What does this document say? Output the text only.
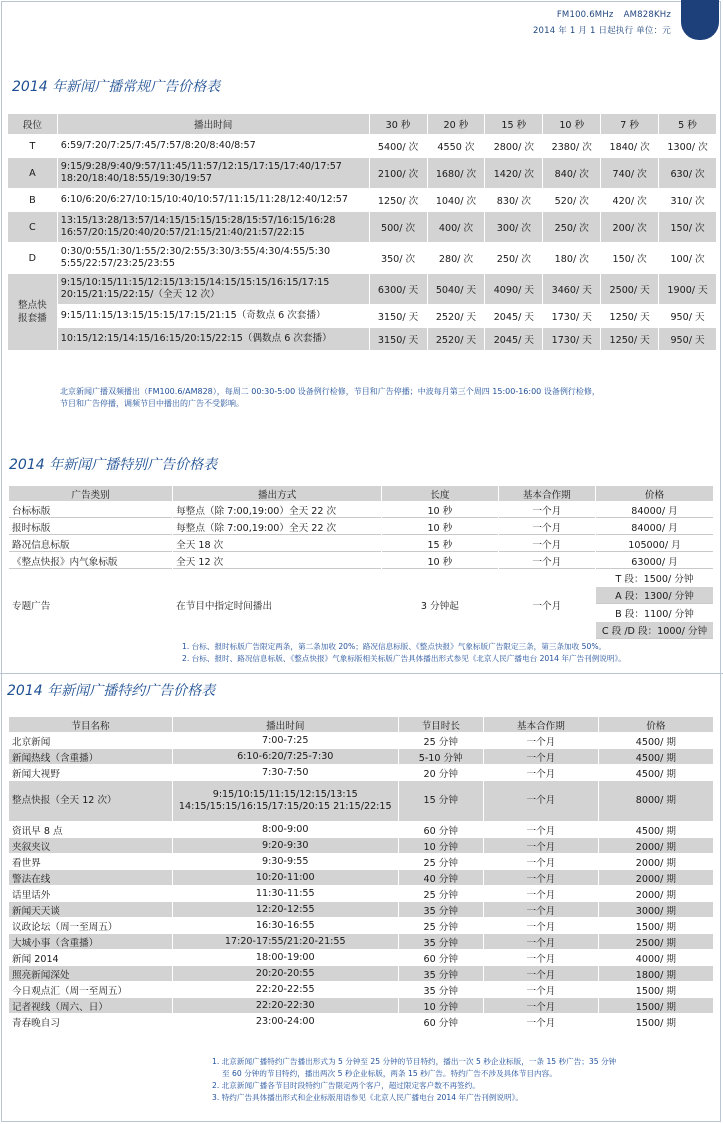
FM100.6MHz AM828KHz
2014 年 1 月 1 日起执行 单位：元
2014 年新闻广播常规广告价格表
段位	播出时间	30 秒	20 秒	15 秒	10 秒	7 秒	5 秒
T	6:59/7:20/7:25/7:45/7:57/8:20/8:40/8:57	5400/ 次	4550 次	2800/ 次	2380/ 次	1840/ 次	1300/ 次
A	9:15/9:28/9:40/9:57/11:45/11:57/12:15/17:15/17:40/17:57 18:20/18:40/18:55/19:30/19:57	2100/ 次	1680/ 次	1420/ 次	840/ 次	740/ 次	630/ 次
B	6:10/6:20/6:27/10:15/10:40/10:57/11:15/11:28/12:40/12:57	1250/ 次	1040/ 次	830/ 次	520/ 次	420/ 次	310/ 次
C	13:15/13:28/13:57/14:15/15:15/15:28/15:57/16:15/16:28 16:57/20:15/20:40/20:57/21:15/21:40/21:57/22:15	500/ 次	400/ 次	300/ 次	250/ 次	200/ 次	150/ 次
D	0:30/0:55/1:30/1:55/2:30/2:55/3:30/3:55/4:30/4:55/5:30 5:55/22:57/23:25/23:55	350/ 次	280/ 次	250/ 次	180/ 次	150/ 次	100/ 次
整点快报套播	9:15/10:15/11:15/12:15/13:15/14:15/15:15/16:15/17:15 20:15/21:15/22:15/（全天 12 次）	6300/ 天	5040/ 天	4090/ 天	3460/ 天	2500/ 天	1900/ 天
	9:15/11:15/13:15/15:15/17:15/21:15（奇数点 6 次套播）	3150/ 天	2520/ 天	2045/ 天	1730/ 天	1250/ 天	950/ 天
	10:15/12:15/14:15/16:15/20:15/22:15（偶数点 6 次套播）	3150/ 天	2520/ 天	2045/ 天	1730/ 天	1250/ 天	950/ 天
北京新闻广播双频播出（FM100.6/AM828），每周二 00:30-5:00 设备例行检修，节目和广告停播；中波每月第三个周四 15:00-16:00 设备例行检修，
节目和广告停播，调频节目中播出的广告不受影响。
2014 年新闻广播特别广告价格表
广告类别	播出方式	长度	基本合作期	价格
台标标版	每整点（除 7:00,19:00）全天 22 次	10 秒	一个月	84000/ 月
报时标版	每整点（除 7:00,19:00）全天 22 次	10 秒	一个月	84000/ 月
路况信息标版	全天 18 次	15 秒	一个月	105000/ 月
《整点快报》内气象标版	全天 12 次	10 秒	一个月	63000/ 月
专题广告	在节目中指定时间播出	3 分钟起	一个月	T 段：1500/ 分钟
				A 段：1300/ 分钟
				B 段：1100/ 分钟
				C 段 /D 段：1000/ 分钟
1. 台标、报时标版广告限定两条，第二条加收 20%；路况信息标版、《整点快报》气象标版广告限定三条，第三条加收 50%。
2. 台标、报时、路况信息标版、《整点快报》气象标版相关标版广告具体播出形式参见《北京人民广播电台 2014 年广告刊例说明》。
2014 年新闻广播特约广告价格表
节目名称	播出时间	节目时长	基本合作期	价格
北京新闻	7:00-7:25	25 分钟	一个月	4500/ 期
新闻热线（含重播）	6:10-6:20/7:25-7:30	5-10 分钟	一个月	4500/ 期
新闻大视野	7:30-7:50	20 分钟	一个月	4500/ 期
整点快报（全天 12 次）	9:15/10:15/11:15/12:15/13:15 14:15/15:15/16:15/17:15/20:15 21:15/22:15	15 分钟	一个月	8000/ 期
资讯早 8 点	8:00-9:00	60 分钟	一个月	4500/ 期
夹叙夹议	9:20-9:30	10 分钟	一个月	2000/ 期
看世界	9:30-9:55	25 分钟	一个月	2000/ 期
警法在线	10:20-11:00	40 分钟	一个月	2000/ 期
话里话外	11:30-11:55	25 分钟	一个月	2000/ 期
新闻天天谈	12:20-12:55	35 分钟	一个月	3000/ 期
议政论坛（周一至周五）	16:30-16:55	25 分钟	一个月	1500/ 期
大城小事（含重播）	17:20-17:55/21:20-21:55	35 分钟	一个月	2500/ 期
新闻 2014	18:00-19:00	60 分钟	一个月	4000/ 期
照亮新闻深处	20:20-20:55	35 分钟	一个月	1800/ 期
今日观点汇（周一至周五）	22:20-22:55	35 分钟	一个月	1500/ 期
记者视线（周六、日）	22:20-22:30	10 分钟	一个月	1500/ 期
青春晚自习	23:00-24:00	60 分钟	一个月	1500/ 期
1. 北京新闻广播特约广告播出形式为 5 分钟至 25 分钟的节目特约，播出一次 5 秒企业标版，一条 15 秒广告；35 分钟
至 60 分钟的节目特约，播出两次 5 秒企业标版，两条 15 秒广告。特约广告不涉及具体节目内容。
2. 北京新闻广播各节目时段特约广告限定两个客户，超过限定客户数不再签约。
3. 特约广告具体播出形式和企业标版用语参见《北京人民广播电台 2014 年广告刊例说明》。
